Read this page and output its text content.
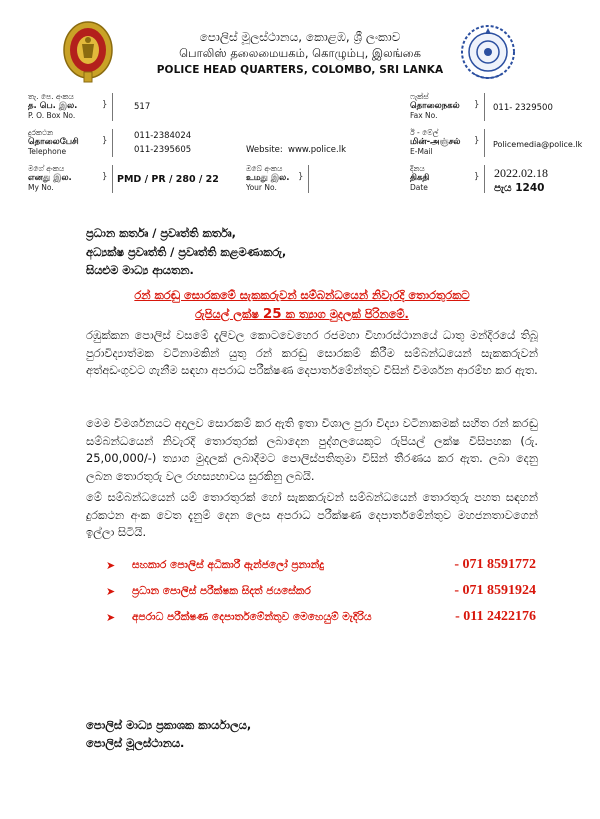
පොලිස් මූලස්ථානය, කොළඹ, ශ්‍රී ලංකාව
பொலிஸ் தலைமையகம், கொழும்பு, இலங்கை
POLICE HEAD QUARTERS, COLOMBO, SRI LANKA
තැ. පෙ. අංකය
த. பெ. இல.
P. O. Box No.
}	517
දුරකථන
தொலைபேசி
Telephone
}	011-2384024
011-2395605	Website: www.police.lk
මගේ අංකය
எனது இல.
My No.
} PMD / PR / 280 / 22
ඔබේ අංකය
உமது இல.
Your No.
}
ෆැක්ස්
தொலைநகல்
Fax No.
} 011- 2329500
ඊ - මේල්
மின்-அஞ்சல்
E-Mail
} Policemedia@police.lk
දිනය
திகதி
Date
} 2022.02.18
පැය 1240
ප්‍රධාන කර්තෘ / ප්‍රවෘත්ති කර්තෘ,
අධ්‍යක්ෂ ප්‍රවෘත්ති / ප්‍රවෘත්ති කළමණාකරු,
සියළුම මාධ්‍ය ආයතන.
රන් කරඬු සොරකමේ සැකකරුවන් සම්බන්ධයෙන් නිවැරදි තොරතුරකට
රුපියල් ලක්ෂ 25 ක ත්‍යාග මුදලක් පිරිනමේ.
රඹුක්කන පොලිස් වසමේ දැලිවල කොටවෙහෙර රජමහා විහාරස්ථානයේ ධාතු මන්දිරයේ තිබූ පුරාවිද්‍යාත්මක වටිනාමකින් යුතු රන් කරඬු සොරකම් කිරීම සම්බන්ධයෙන් සැකකරුවන් අත්අඩංගුවට ගැනීම සඳහා අපරාධ පරීක්ෂණ දෙපාර්තමේන්තුව විසින් විමර්ශන ආරම්භ කර ඇත.
මෙම විමර්ශනයට අදාලව සොරකම් කර ඇති ඉතා විශාල පුරා විද්‍යා වටිනාකමක් සහිත රන් කරඬු සම්බන්ධයෙන් නිවැරදි තොරතුරක් ලබාදෙන පුද්ගලයෙකුට රුපියල් ලක්ෂ විසිපහක (රු. 25,00,000/-) ත්‍යාග මුදලක් ලබාදීමට පොලිස්පතිතුමා විසින් තීරණය කර ඇත. ලබා දෙනු ලබන තොරතුරු වල රහස්‍යභාවය සුරකිනු ලබයි.
මේ සම්බන්ධයෙන් යම් තොරතුරක් හෝ සැකකරුවන් සම්බන්ධයෙන් තොරතුරු පහත සඳහන් දුරකථන අංක වෙත දැනුම් දෙන ලෙස අපරාධ පරීක්ෂණ දෙපාර්තමේන්තුව මහජනතාවගෙන් ඉල්ලා සිටියි.
➤ සහකාර පොලිස් අධිකාරී ඇන්ජලෝ ප්‍රනාන්දු	- 071 8591772
➤ ප්‍රධාන පොලිස් පරීක්ෂක සිදත් ජයසේකර	- 071 8591924
➤ අපරාධ පරීක්ෂණ දෙපාර්තමේන්තුව මෙහෙයුම් මැදිරිය	- 011 2422176
පොලිස් මාධ්‍ය ප්‍රකාශක කාර්යාලය,
පොලිස් මූලස්ථානය.
